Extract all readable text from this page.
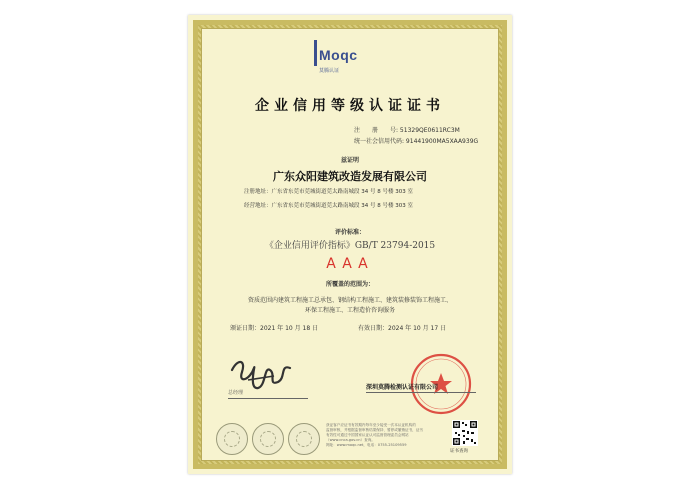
Moqc
莫腾认证
企业信用等级认证证书
注　　册　　号: 51329QE0611RC3M
统一社会信用代码: 91441900MA5XAA939G
兹证明
广东众阳建筑改造发展有限公司
注册地址：广东省东莞市莞城街道莞太路南城段 34 号 8 号楼 303 室
经营地址：广东省东莞市莞城街道莞太路南城段 34 号 8 号楼 303 室
评价标准：
《企业信用评价指标》GB/T 23794-2015
AAA
所覆盖的范围为：
资质范围内建筑工程施工总承包、钢结构工程施工、建筑装修装饰工程施工、
环保工程施工、工程造价咨询服务
颁证日期：2021 年 10 月 18 日	有效日期：2024 年 10 月 17 日
总经理
深圳莫腾检测认证有限公司
获证客户应证书有效期内每年至少接受一次本认证机构的
监督审核，并根据监督审核结果保持、暂停或撤销证书，证书
有效性可通过中国国家认证认可监督管理委员会网站
（www.cnca.gov.cn）查询。
网址：www.moqc.net，电话：0755-25109559
证书查询
